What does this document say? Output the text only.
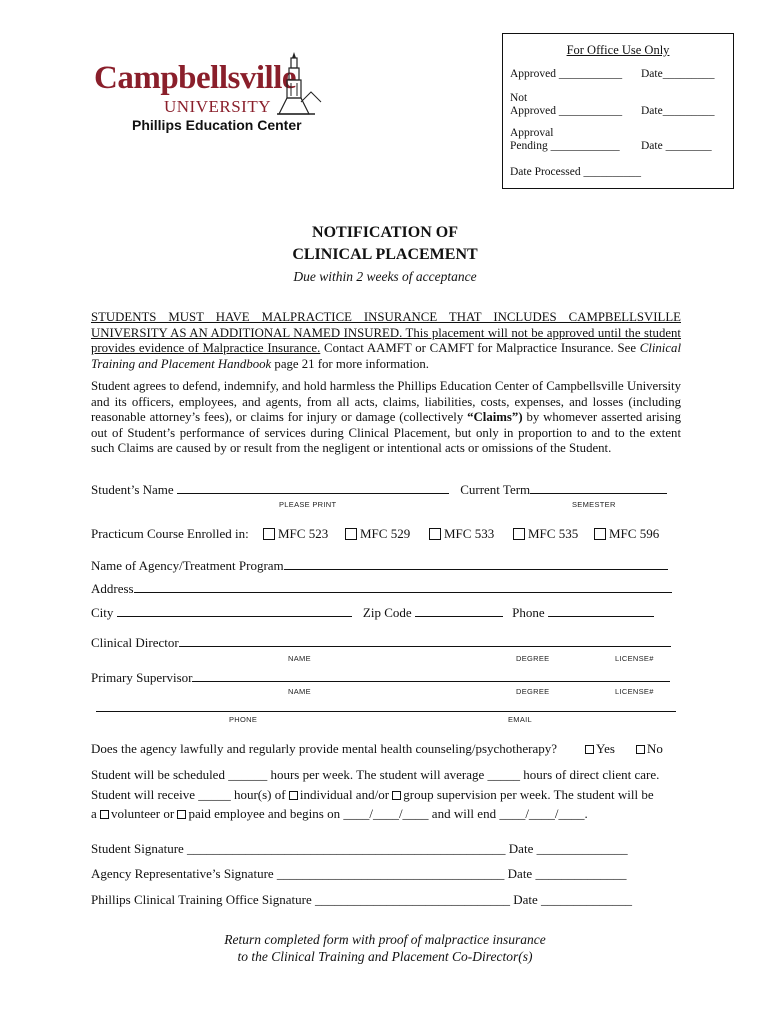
Campbellsville
UNIVERSITY
Phillips Education Center
For Office Use Only
Approved ___________ Date_________
Not
Approved ___________ Date_________
Approval
Pending ____________ Date ________
Date Processed __________
NOTIFICATION OF
CLINICAL PLACEMENT
Due within 2 weeks of acceptance
STUDENTS MUST HAVE MALPRACTICE INSURANCE THAT INCLUDES CAMPBELLSVILLE UNIVERSITY AS AN ADDITIONAL NAMED INSURED. This placement will not be approved until the student provides evidence of Malpractice Insurance. Contact AAMFT or CAMFT for Malpractice Insurance. See Clinical Training and Placement Handbook page 21 for more information.
Student agrees to defend, indemnify, and hold harmless the Phillips Education Center of Campbellsville University and its officers, employees, and agents, from all acts, claims, liabilities, costs, expenses, and losses (including reasonable attorney’s fees), or claims for injury or damage (collectively “Claims”) by whomever asserted arising out of Student’s performance of services during Clinical Placement, but only in proportion to and to the extent such Claims are caused by or result from the negligent or intentional acts or omissions of the Student.
Student’s Name	Current Term
PLEASE PRINT	SEMESTER
Practicum Course Enrolled in:	MFC 523	MFC 529	MFC 533	MFC 535	MFC 596
Name of Agency/Treatment Program
Address
City	Zip Code	Phone
Clinical Director
NAME	DEGREE	LICENSE#
Primary Supervisor
NAME	DEGREE	LICENSE#
PHONE	EMAIL
Does the agency lawfully and regularly provide mental health counseling/psychotherapy?	Yes	No
Student will be scheduled ______ hours per week. The student will average _____ hours of direct client care.
Student will receive _____ hour(s) of individual and/or group supervision per week. The student will be
a volunteer or paid employee and begins on ____/____/____ and will end ____/____/____.
Student Signature _________________________________________________ Date ______________
Agency Representative’s Signature ___________________________________ Date ______________
Phillips Clinical Training Office Signature ______________________________ Date ______________
Return completed form with proof of malpractice insurance
to the Clinical Training and Placement Co-Director(s)
